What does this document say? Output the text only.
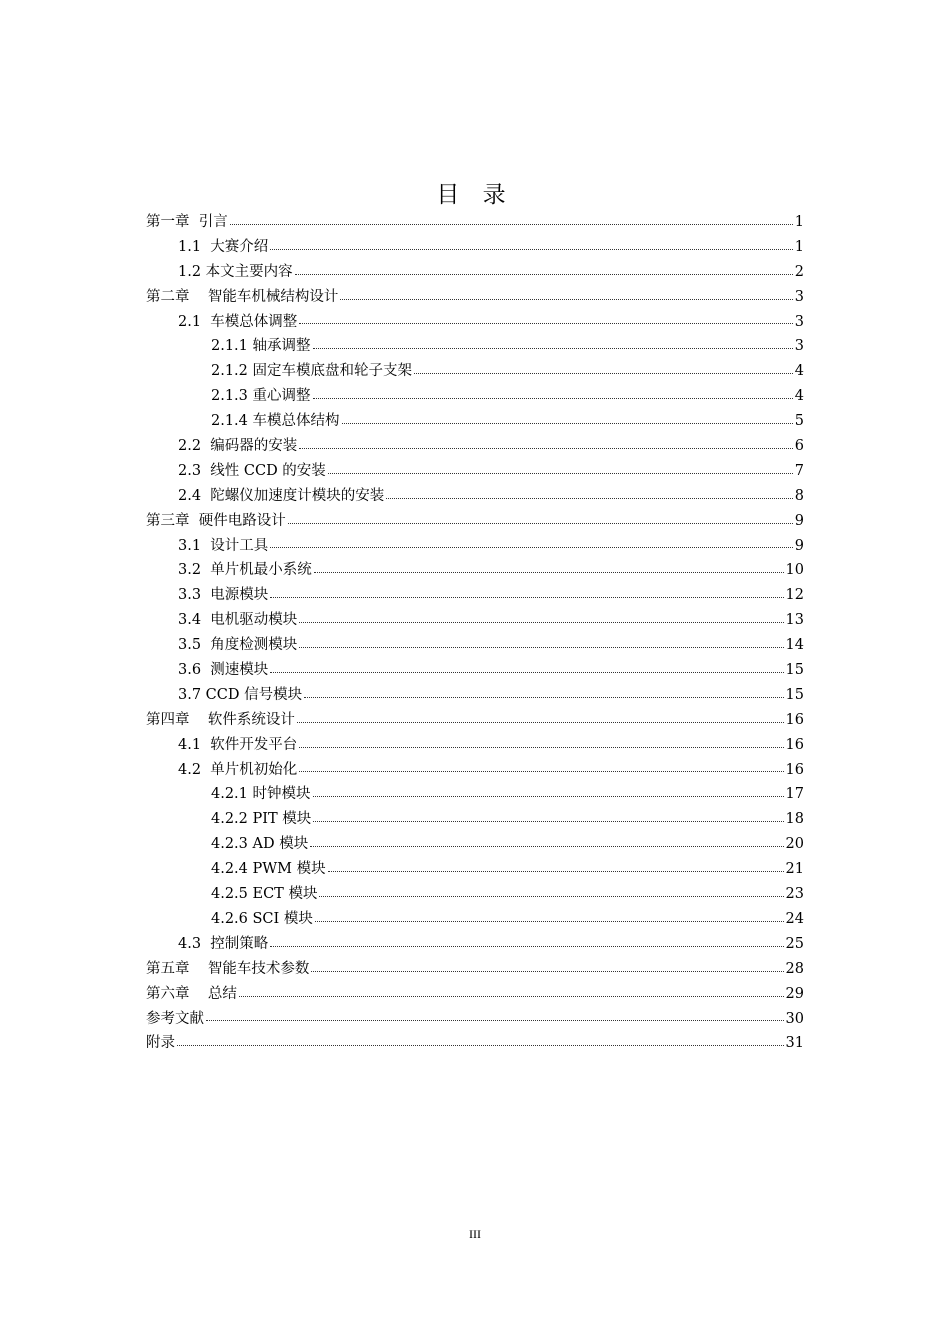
目 录
第一章  引言	1
1.1  大赛介绍	1
1.2 本文主要内容	2
第二章    智能车机械结构设计	3
2.1  车模总体调整	3
2.1.1 轴承调整	3
2.1.2 固定车模底盘和轮子支架	4
2.1.3 重心调整	4
2.1.4 车模总体结构	5
2.2  编码器的安装	6
2.3  线性 CCD 的安装	7
2.4  陀螺仪加速度计模块的安装	8
第三章  硬件电路设计	9
3.1  设计工具	9
3.2  单片机最小系统	10
3.3  电源模块	12
3.4  电机驱动模块	13
3.5  角度检测模块	14
3.6  测速模块	15
3.7 CCD 信号模块	15
第四章    软件系统设计	16
4.1  软件开发平台	16
4.2  单片机初始化	16
4.2.1 时钟模块	17
4.2.2 PIT 模块	18
4.2.3 AD 模块	20
4.2.4 PWM 模块	21
4.2.5 ECT 模块	23
4.2.6 SCI 模块	24
4.3  控制策略	25
第五章    智能车技术参数	28
第六章    总结	29
参考文献	30
附录	31
III
